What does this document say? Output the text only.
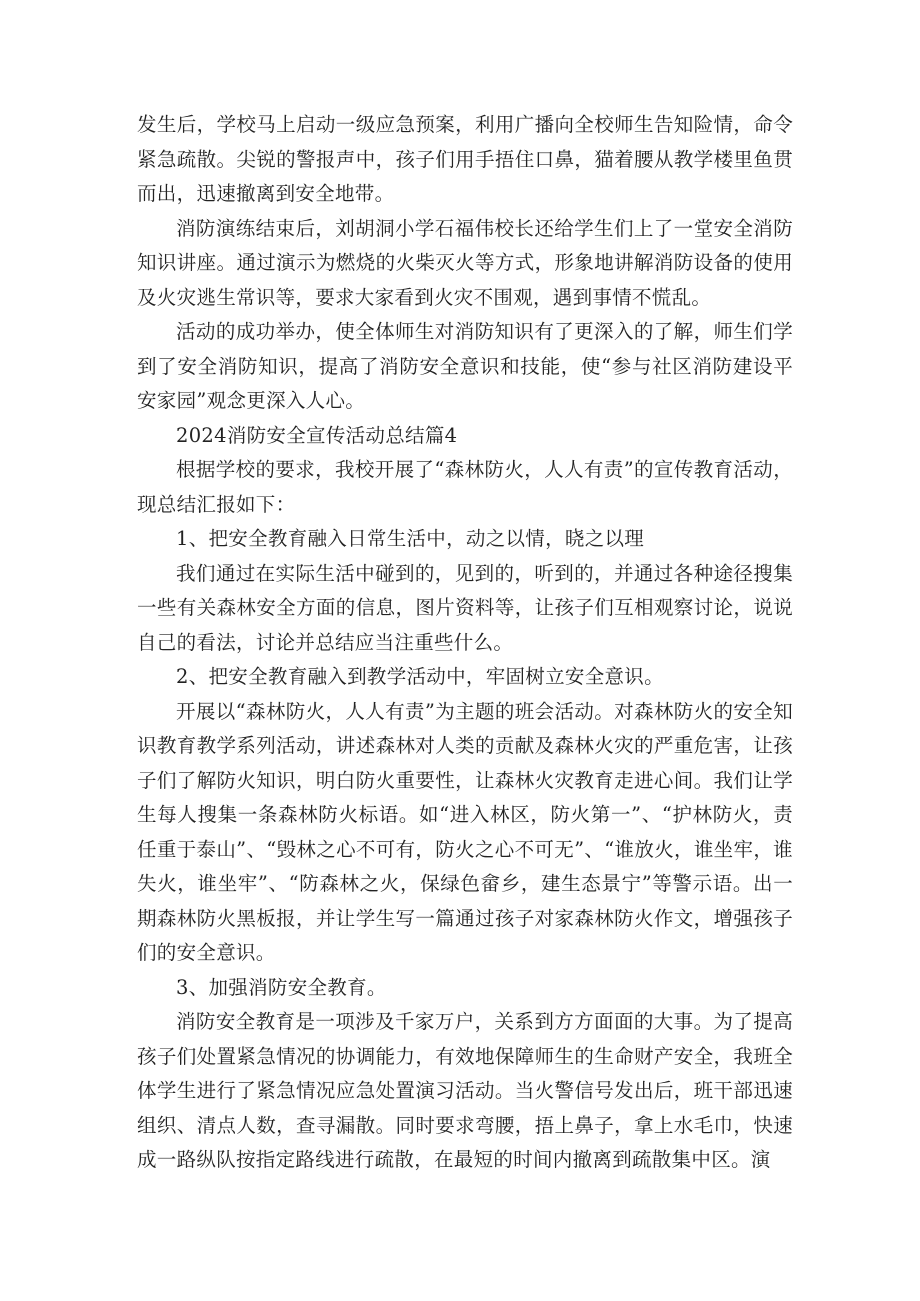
发生后，学校马上启动一级应急预案，利用广播向全校师生告知险情，命令紧急疏散。尖锐的警报声中，孩子们用手捂住口鼻，猫着腰从教学楼里鱼贯而出，迅速撤离到安全地带。

消防演练结束后，刘胡洞小学石福伟校长还给学生们上了一堂安全消防知识讲座。通过演示为燃烧的火柴灭火等方式，形象地讲解消防设备的使用及火灾逃生常识等，要求大家看到火灾不围观，遇到事情不慌乱。

活动的成功举办，使全体师生对消防知识有了更深入的了解，师生们学到了安全消防知识，提高了消防安全意识和技能，使“参与社区消防建设平安家园”观念更深入人心。

2024消防安全宣传活动总结篇4

根据学校的要求，我校开展了“森林防火，人人有责”的宣传教育活动，现总结汇报如下：

1、把安全教育融入日常生活中，动之以情，晓之以理

我们通过在实际生活中碰到的，见到的，听到的，并通过各种途径搜集一些有关森林安全方面的信息，图片资料等，让孩子们互相观察讨论，说说自己的看法，讨论并总结应当注重些什么。

2、把安全教育融入到教学活动中，牢固树立安全意识。

开展以“森林防火，人人有责”为主题的班会活动。对森林防火的安全知识教育教学系列活动，讲述森林对人类的贡献及森林火灾的严重危害，让孩子们了解防火知识，明白防火重要性，让森林火灾教育走进心间。我们让学生每人搜集一条森林防火标语。如“进入林区，防火第一”、“护林防火，责任重于泰山”、“毁林之心不可有，防火之心不可无”、“谁放火，谁坐牢，谁失火，谁坐牢”、“防森林之火，保绿色畲乡，建生态景宁”等警示语。出一期森林防火黑板报，并让学生写一篇通过孩子对家森林防火作文，增强孩子们的安全意识。

3、加强消防安全教育。

消防安全教育是一项涉及千家万户，关系到方方面面的大事。为了提高孩子们处置紧急情况的协调能力，有效地保障师生的生命财产安全，我班全体学生进行了紧急情况应急处置演习活动。当火警信号发出后，班干部迅速组织、清点人数，查寻漏散。同时要求弯腰，捂上鼻子，拿上水毛巾，快速成一路纵队按指定路线进行疏散，在最短的时间内撤离到疏散集中区。演
